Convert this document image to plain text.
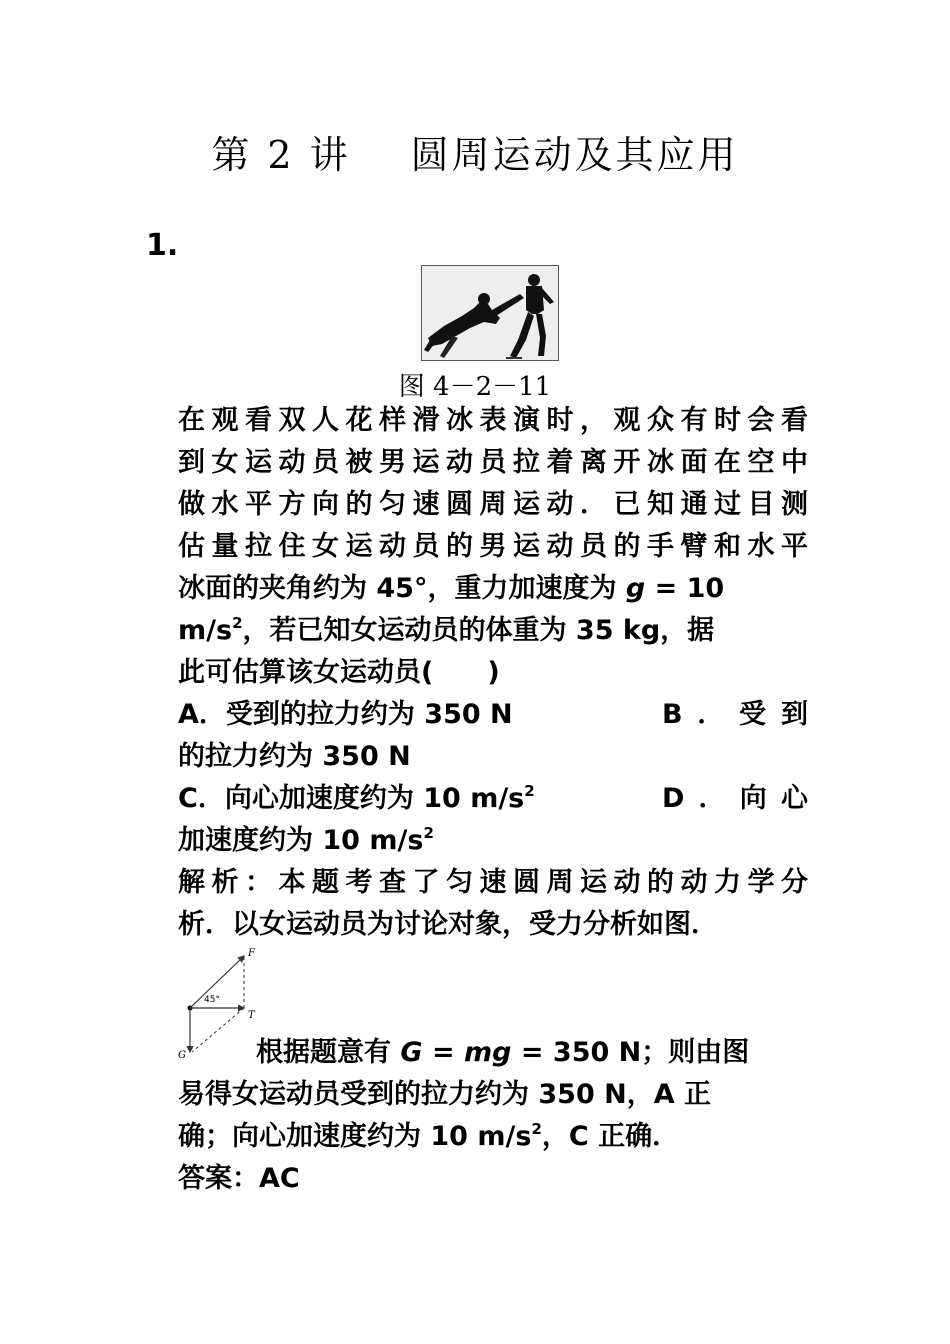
第 2 讲 圆周运动及其应用
1.
图 4－2－11
在观看双人花样滑冰表演时，观众有时会看
到女运动员被男运动员拉着离开冰面在空中
做水平方向的匀速圆周运动．已知通过目测
估量拉住女运动员的男运动员的手臂和水平
冰面的夹角约为 45°，重力加速度为 g = 10
$m/s^2$，若已知女运动员的体重为 35 kg，据
此可估算该女运动员(　　)
A．受到的拉力约为 350 N	B．受到
的拉力约为 350 N
C．向心加速度约为 10 $m/s^2$	D．向心
加速度约为 10 $m/s^2$
解析：本题考查了匀速圆周运动的动力学分
析．以女运动员为讨论对象，受力分析如图．
F
T
G
45°
根据题意有 G = mg = 350 N；则由图
易得女运动员受到的拉力约为 350 N，A 正
确；向心加速度约为 10 $m/s^2$，C 正确．
答案：AC
